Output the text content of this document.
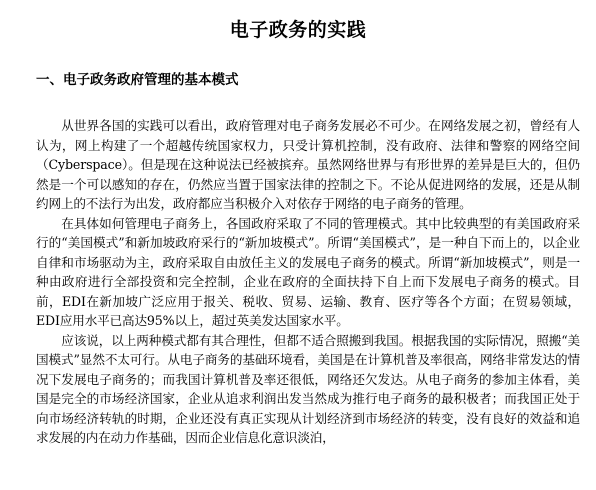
电子政务的实践
一、电子政务政府管理的基本模式

从世界各国的实践可以看出，政府管理对电子商务发展必不可少。在网络发展之初，曾经有人认为，网上构建了一个超越传统国家权力，只受计算机控制，没有政府、法律和警察的网络空间（Cyberspace）。但是现在这种说法已经被摈弃。虽然网络世界与有形世界的差异是巨大的，但仍然是一个可以感知的存在，仍然应当置于国家法律的控制之下。不论从促进网络的发展，还是从制约网上的不法行为出发，政府都应当积极介入对依存于网络的电子商务的管理。

在具体如何管理电子商务上，各国政府采取了不同的管理模式。其中比较典型的有美国政府采行的“美国模式”和新加坡政府采行的“新加坡模式”。所谓“美国模式”，是一种自下而上的，以企业自律和市场驱动为主，政府采取自由放任主义的发展电子商务的模式。所谓“新加坡模式”，则是一种由政府进行全部投资和完全控制，企业在政府的全面扶持下自上而下发展电子商务的模式。目前，EDI在新加坡广泛应用于报关、税收、贸易、运输、教育、医疗等各个方面；在贸易领域，EDI应用水平已高达95%以上，超过英美发达国家水平。

应该说，以上两种模式都有其合理性，但都不适合照搬到我国。根据我国的实际情况，照搬“美国模式”显然不太可行。从电子商务的基础环境看，美国是在计算机普及率很高，网络非常发达的情况下发展电子商务的；而我国计算机普及率还很低，网络还欠发达。从电子商务的参加主体看，美国是完全的市场经济国家，企业从追求利润出发当然成为推行电子商务的最积极者；而我国正处于向市场经济转轨的时期，企业还没有真正实现从计划经济到市场经济的转变，没有良好的效益和追求发展的内在动力作基础，因而企业信息化意识淡泊，
